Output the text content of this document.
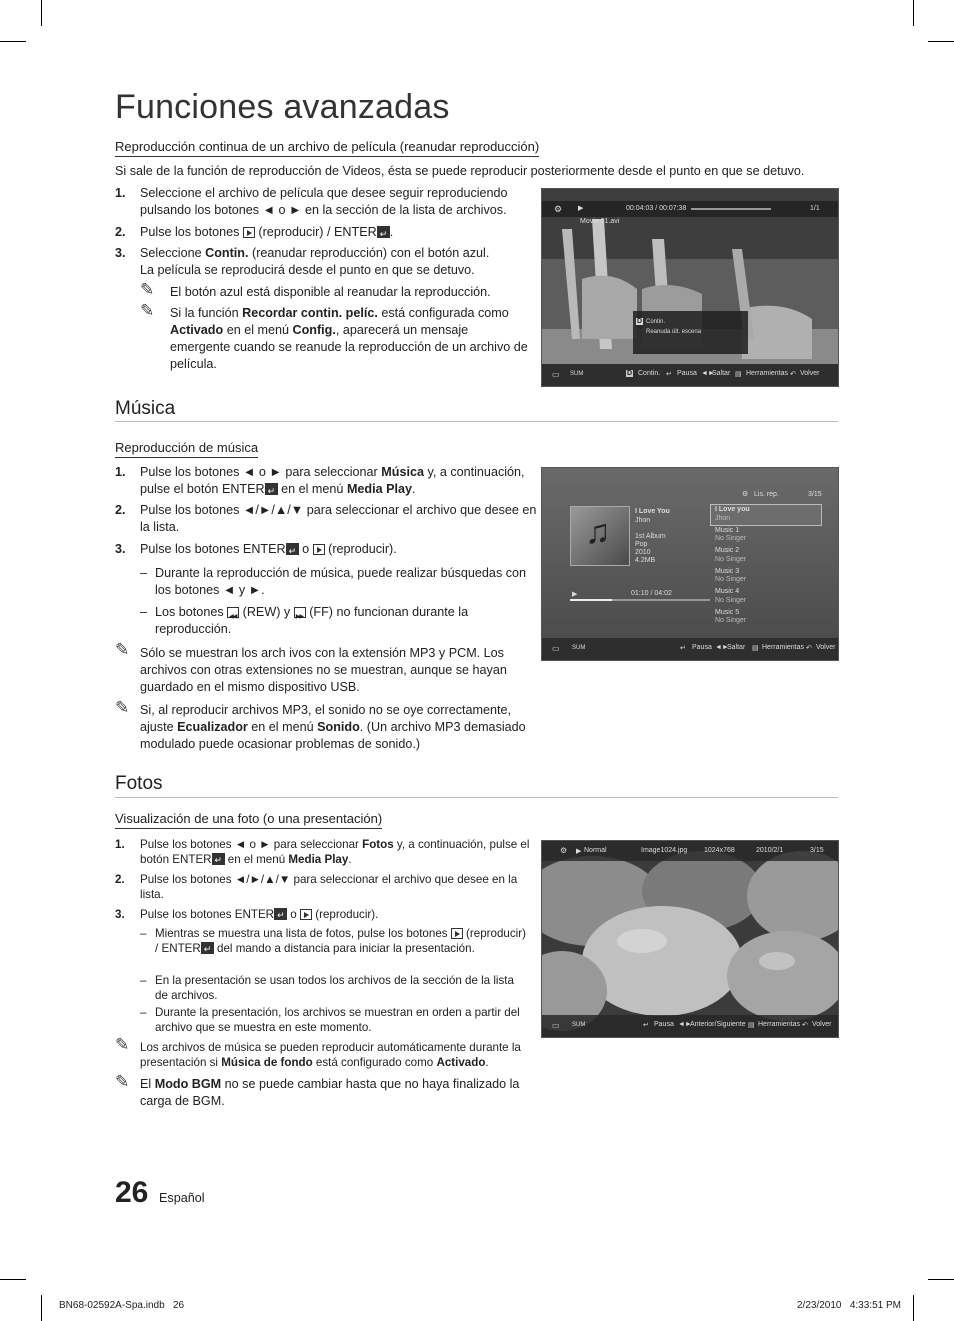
Funciones avanzadas
Reproducción continua de un archivo de película (reanudar reproducción)
Si sale de la función de reproducción de Videos, ésta se puede reproducir posteriormente desde el punto en que se detuvo.
1. Seleccione el archivo de película que desee seguir reproduciendo pulsando los botones ◄ o ► en la sección de la lista de archivos.
2. Pulse los botones (reproducir) / ENTER ↵ .
3. Seleccione Contin. (reanudar reproducción) con el botón azul.
La película se reproducirá desde el punto en que se detuvo.
✎ El botón azul está disponible al reanudar la reproducción.
✎ Si la función Recordar contin. pelíc. está configurada como Activado en el menú Config., aparecerá un mensaje emergente cuando se reanude la reproducción de un archivo de película.
⚙ ▶	00:04:03 / 00:07:38	1/1
Movie 01.avi
D Contin.
Reanuda últ. escena
▭ SUM	D Contin. ↵ Pausa ◄►
Saltar ▤ Herramientas ↶ Volver
Música
Reproducción de música
1. Pulse los botones ◄ o ► para seleccionar Música y, a continuación, pulse el botón ENTER ↵ en el menú Media Play.
2. Pulse los botones ◄/►/▲/▼ para seleccionar el archivo que desee en la lista.
3. Pulse los botones ENTER ↵ o (reproducir).
– Durante la reproducción de música, puede realizar búsquedas con los botones ◄ y ►.
– Los botones ◀◀ (REW) y ▶▶ (FF) no funcionan durante la reproducción.
✎ Sólo se muestran los arch ivos con la extensión MP3 y PCM. Los archivos con otras extensiones no se muestran, aunque se hayan guardado en el mismo dispositivo USB.
✎ Si, al reproducir archivos MP3, el sonido no se oye correctamente, ajuste Ecualizador en el menú Sonido. (Un archivo MP3 demasiado modulado puede ocasionar problemas de sonido.)
⚙ Lis. rep.	3/15
♫
I Love You
Jhon
1st Album
Pop
2010
4.2MB
▶	01:10 / 04:02
▭ SUM	↵ Pausa ◄►
Saltar ▤ Herramientas ↶ Volver
I Love you
Jhon
Music 1
No Singer
Music 2
No Singer
Music 3
No Singer
Music 4
No Singer
Music 5
No Singer
Fotos
Visualización de una foto (o una presentación)
1. Pulse los botones ◄ o ► para seleccionar Fotos y, a continuación, pulse el botón ENTER ↵ en el menú Media Play.
2. Pulse los botones ◄/►/▲/▼ para seleccionar el archivo que desee en la lista.
3. Pulse los botones ENTER ↵ o (reproducir).
– Mientras se muestra una lista de fotos, pulse los botones (reproducir) / ENTER ↵ del mando a distancia para iniciar la presentación.
– En la presentación se usan todos los archivos de la sección de la lista de archivos.
– Durante la presentación, los archivos se muestran en orden a partir del archivo que se muestra en este momento.
✎ Los archivos de música se pueden reproducir automáticamente durante la presentación si Música de fondo está configurado como Activado.
✎ El Modo BGM no se puede cambiar hasta que no haya finalizado la carga de BGM.
⚙ ▶ Normal	Image1024.jpg 1024x768	2010/2/1	3/15
▭ SUM	↵ Pausa ◄►
Anterior/Siguiente ▤ Herramientas ↶ Volver
26 Español
BN68-02592A-Spa.indb   26	2/23/2010   4:33:51 PM
